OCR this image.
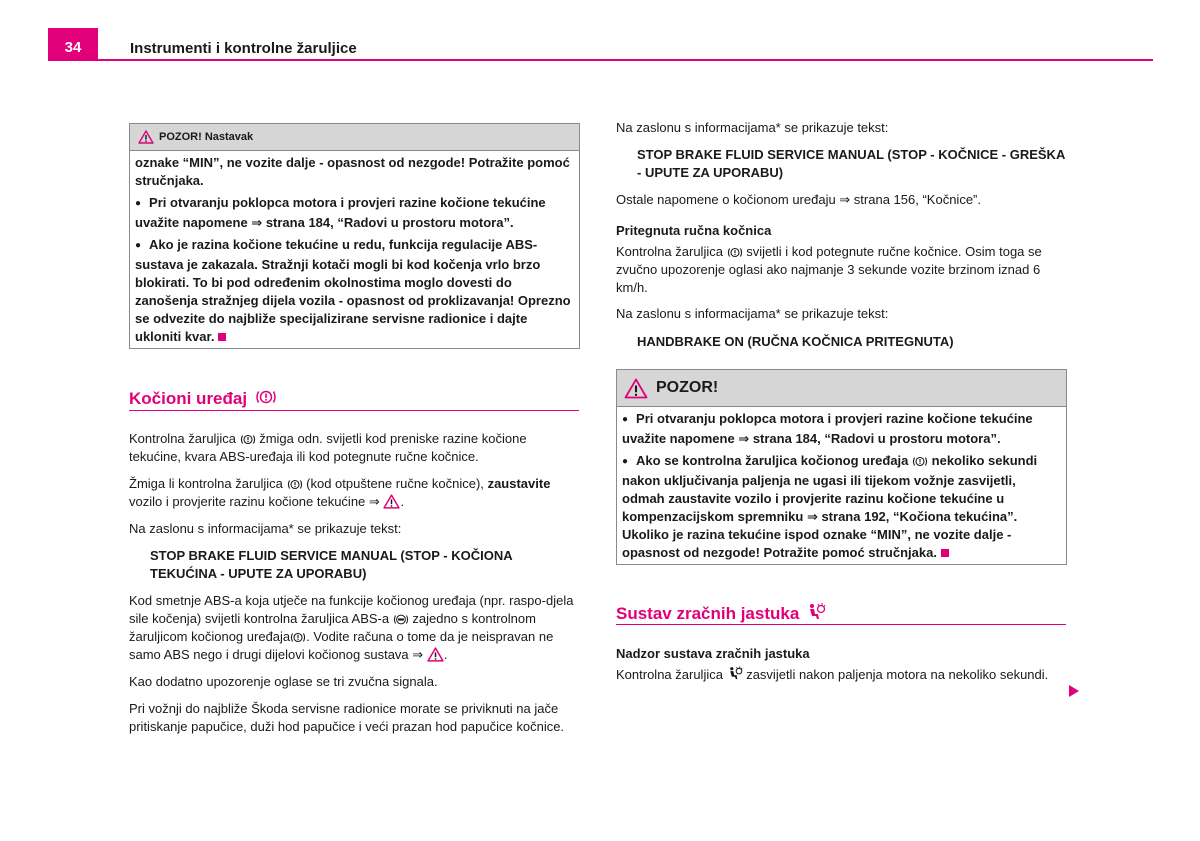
34	Instrumenti i kontrolne žaruljice
POZOR! Nastavak

oznake “MIN”, ne vozite dalje - opasnost od nezgode! Potražite pomoć stručnjaka.

● Pri otvaranju poklopca motora i provjeri razine kočione tekućine uvažite napomene ⇒ strana 184, “Radovi u prostoru motora”.

● Ako je razina kočione tekućine u redu, funkcija regulacije ABS-sustava je zakazala. Stražnji kotači mogli bi kod kočenja vrlo brzo blokirati. To bi pod određenim okolnostima moglo dovesti do zanošenja stražnjeg dijela vozila - opasnost od proklizavanja! Oprezno se odvezite do najbliže specijalizirane servisne radionice i dajte ukloniti kvar.

Kočioni uređaj

Kontrolna žaruljica žmiga odn. svijetli kod preniske razine kočione tekućine, kvara ABS-uređaja ili kod potegnute ručne kočnice.

Žmiga li kontrolna žaruljica (kod otpuštene ručne kočnice), zaustavite vozilo i provjerite razinu kočione tekućine ⇒ .

Na zaslonu s informacijama* se prikazuje tekst:

STOP BRAKE FLUID SERVICE MANUAL (STOP - KOČIONA TEKUĆINA - UPUTE ZA UPORABU)

Kod smetnje ABS-a koja utječe na funkcije kočionog uređaja (npr. raspo-djela sile kočenja) svijetli kontrolna žaruljica ABS-a zajedno s kontrolnom žaruljicom kočionog uređaja . Vodite računa o tome da je neispravan ne samo ABS nego i drugi dijelovi kočionog sustava ⇒ .

Kao dodatno upozorenje oglase se tri zvučna signala.

Pri vožnji do najbliže Škoda servisne radionice morate se priviknuti na jače pritiskanje papučice, duži hod papučice i veći prazan hod papučice kočnice.

Na zaslonu s informacijama* se prikazuje tekst:

STOP BRAKE FLUID SERVICE MANUAL (STOP - KOČNICE - GREŠKA - UPUTE ZA UPORABU)

Ostale napomene o kočionom uređaju ⇒ strana 156, “Kočnice”.

Pritegnuta ručna kočnica

Kontrolna žaruljica svijetli i kod potegnute ručne kočnice. Osim toga se zvučno upozorenje oglasi ako najmanje 3 sekunde vozite brzinom iznad 6 km/h.

Na zaslonu s informacijama* se prikazuje tekst:

HANDBRAKE ON (RUČNA KOČNICA PRITEGNUTA)

POZOR!

● Pri otvaranju poklopca motora i provjeri razine kočione tekućine uvažite napomene ⇒ strana 184, “Radovi u prostoru motora”.

● Ako se kontrolna žaruljica kočionog uređaja nekoliko sekundi nakon uključivanja paljenja ne ugasi ili tijekom vožnje zasvijetli, odmah zaustavite vozilo i provjerite razinu kočione tekućine u kompenzacijskom spremniku ⇒ strana 192, “Kočiona tekućina”. Ukoliko je razina tekućine ispod oznake “MIN”, ne vozite dalje - opasnost od nezgode! Potražite pomoć stručnjaka.

Sustav zračnih jastuka

Nadzor sustava zračnih jastuka

Kontrolna žaruljica zasvijetli nakon paljenja motora na nekoliko sekundi.
